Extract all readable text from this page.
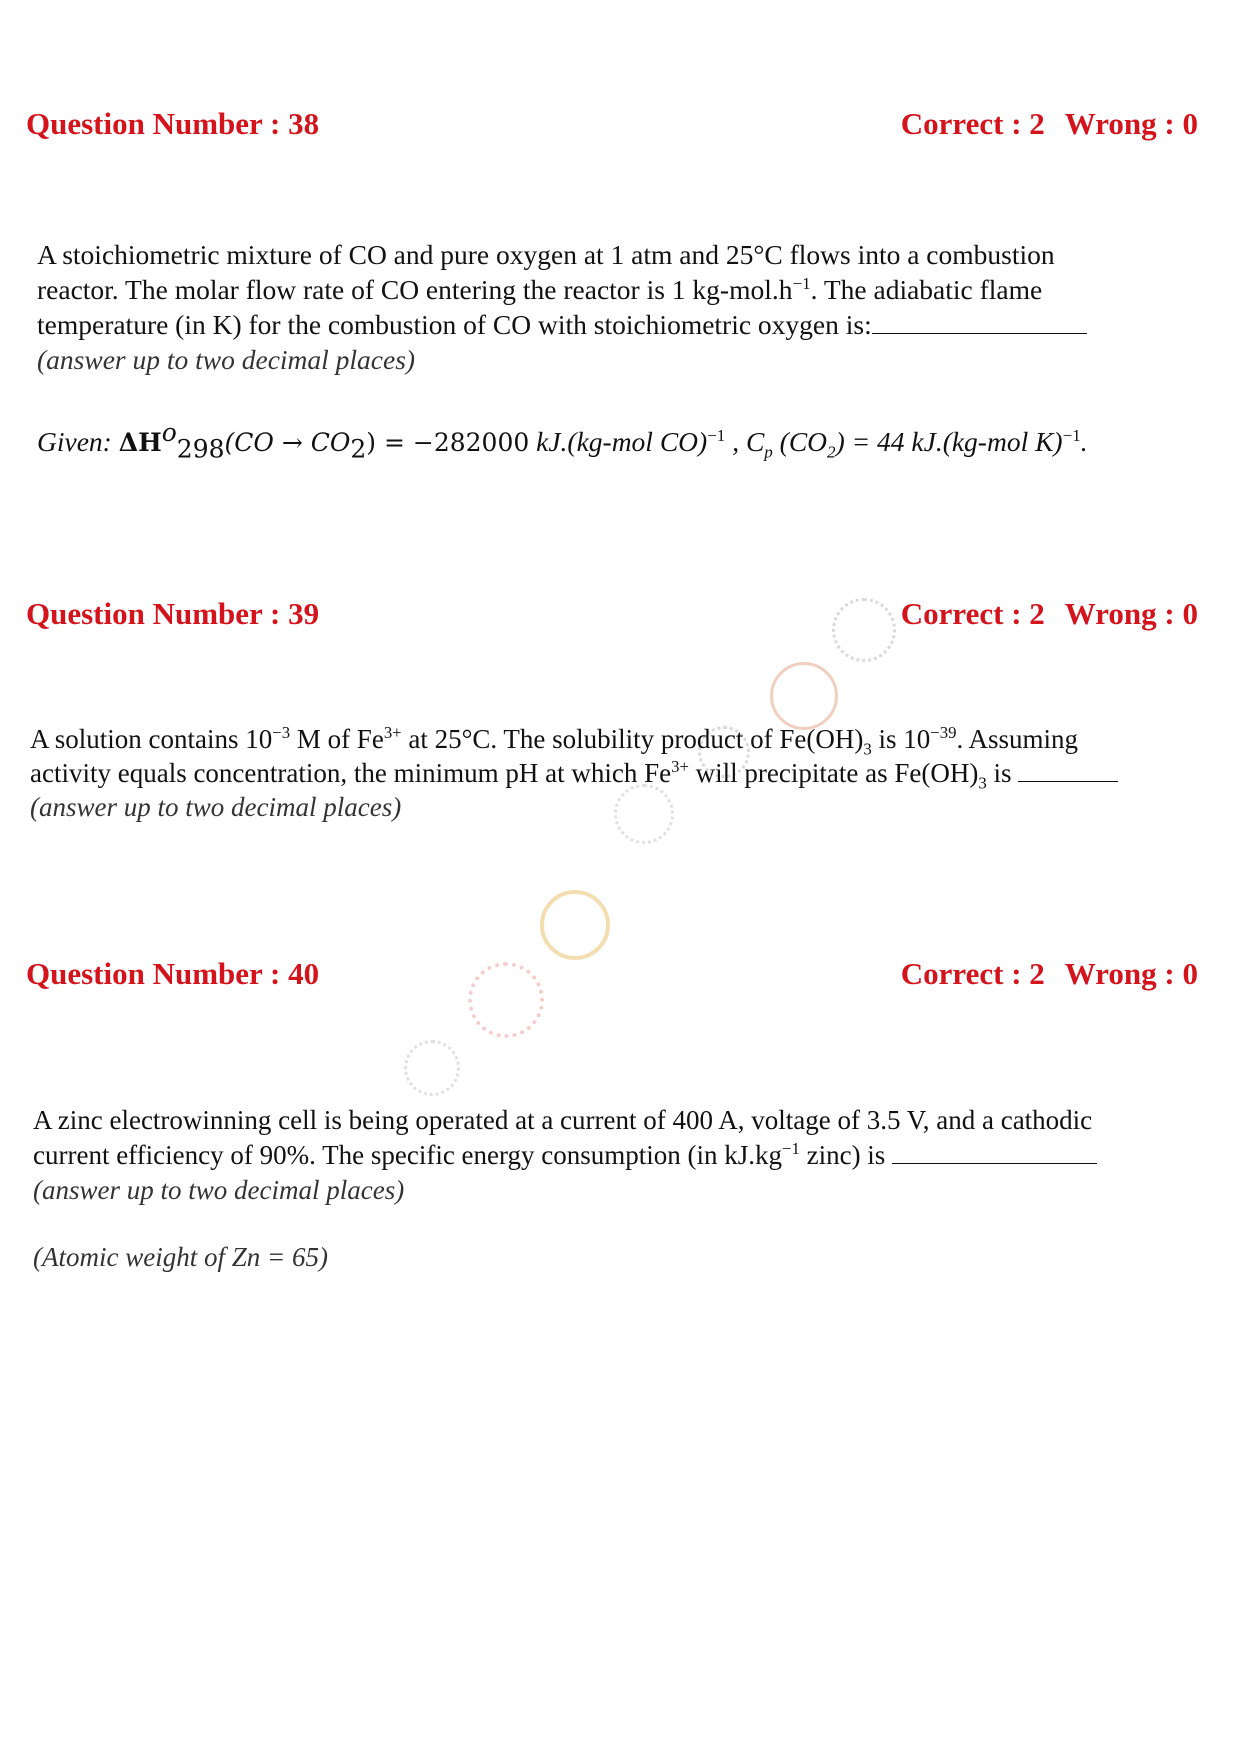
Question Number : 38	Correct : 2 Wrong : 0
A stoichiometric mixture of CO and pure oxygen at 1 atm and 25°C flows into a combustion
reactor. The molar flow rate of CO entering the reactor is 1 $kg-mol.h^{-1}$. The adiabatic flame
temperature (in K) for the combustion of CO with stoichiometric oxygen is:
(answer up to two decimal places)
Given: $\Delta H^o_{298}(CO \to CO_2) = -282000$ kJ.(kg-mol CO)$^{-1}$ , $C_p$ $(CO_2) = 44$ kJ.(kg-mol K)$^{-1}$.
Question Number : 39	Correct : 2 Wrong : 0
A solution contains $10^{-3}$ M of $Fe^{3+}$ at 25°C. The solubility product of $Fe(OH)_3$ is $10^{-39}$. Assuming
activity equals concentration, the minimum pH at which $Fe^{3+}$ will precipitate as $Fe(OH)_3$ is
(answer up to two decimal places)
Question Number : 40	Correct : 2 Wrong : 0
A zinc electrowinning cell is being operated at a current of 400 A, voltage of 3.5 V, and a cathodic
current efficiency of 90%. The specific energy consumption (in $kJ.kg^{-1}$ zinc) is
(answer up to two decimal places)
(Atomic weight of Zn = 65)
